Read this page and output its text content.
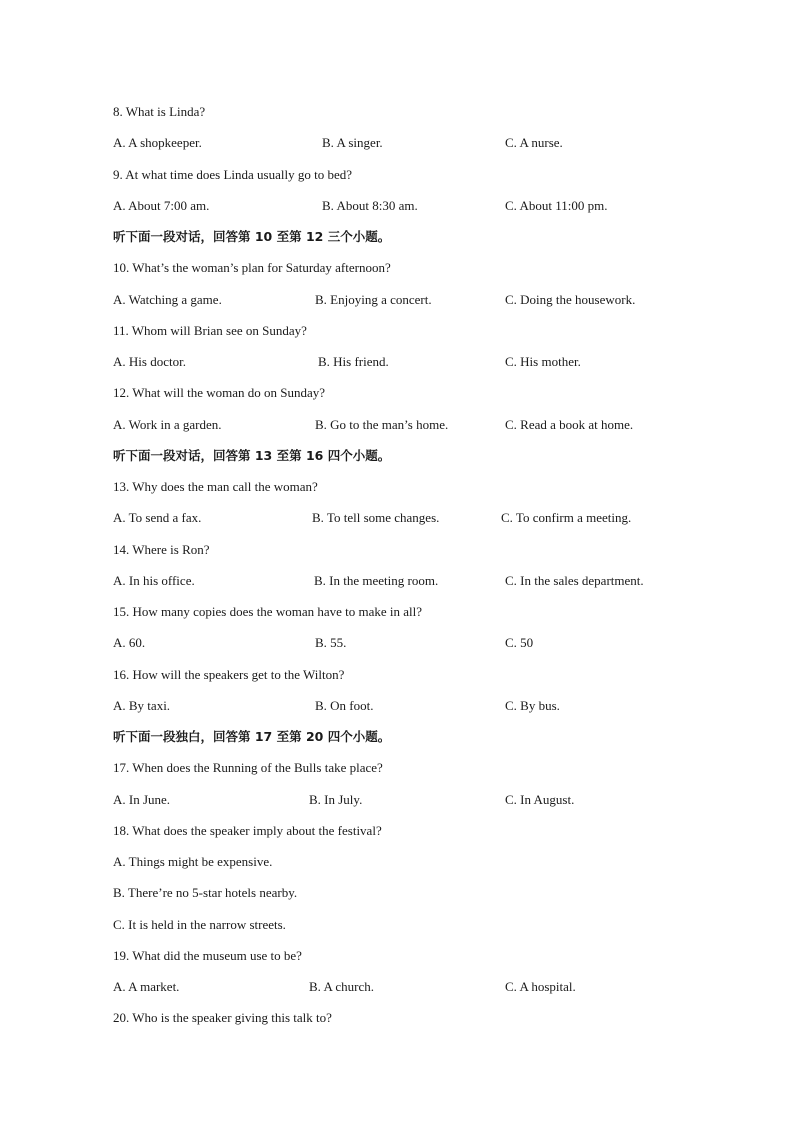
8. What is Linda?
A. A shopkeeper.	B. A singer.	C. A nurse.
9. At what time does Linda usually go to bed?
A. About 7:00 am.	B. About 8:30 am.	C. About 11:00 pm.
听下面一段对话，回答第 10 至第 12 三个小题。
10. What’s the woman’s plan for Saturday afternoon?
A. Watching a game.	B. Enjoying a concert.	C. Doing the housework.
11. Whom will Brian see on Sunday?
A. His doctor.	B. His friend.	C. His mother.
12. What will the woman do on Sunday?
A. Work in a garden.	B. Go to the man’s home.	C. Read a book at home.
听下面一段对话，回答第 13 至第 16 四个小题。
13. Why does the man call the woman?
A. To send a fax.	B. To tell some changes.	C. To confirm a meeting.
14. Where is Ron?
A. In his office.	B. In the meeting room.	C. In the sales department.
15. How many copies does the woman have to make in all?
A. 60.	B. 55.	C. 50
16. How will the speakers get to the Wilton?
A. By taxi.	B. On foot.	C. By bus.
听下面一段独白，回答第 17 至第 20 四个小题。
17. When does the Running of the Bulls take place?
A. In June.	B. In July.	C. In August.
18. What does the speaker imply about the festival?
A. Things might be expensive.
B. There’re no 5-star hotels nearby.
C. It is held in the narrow streets.
19. What did the museum use to be?
A. A market.	B. A church.	C. A hospital.
20. Who is the speaker giving this talk to?
